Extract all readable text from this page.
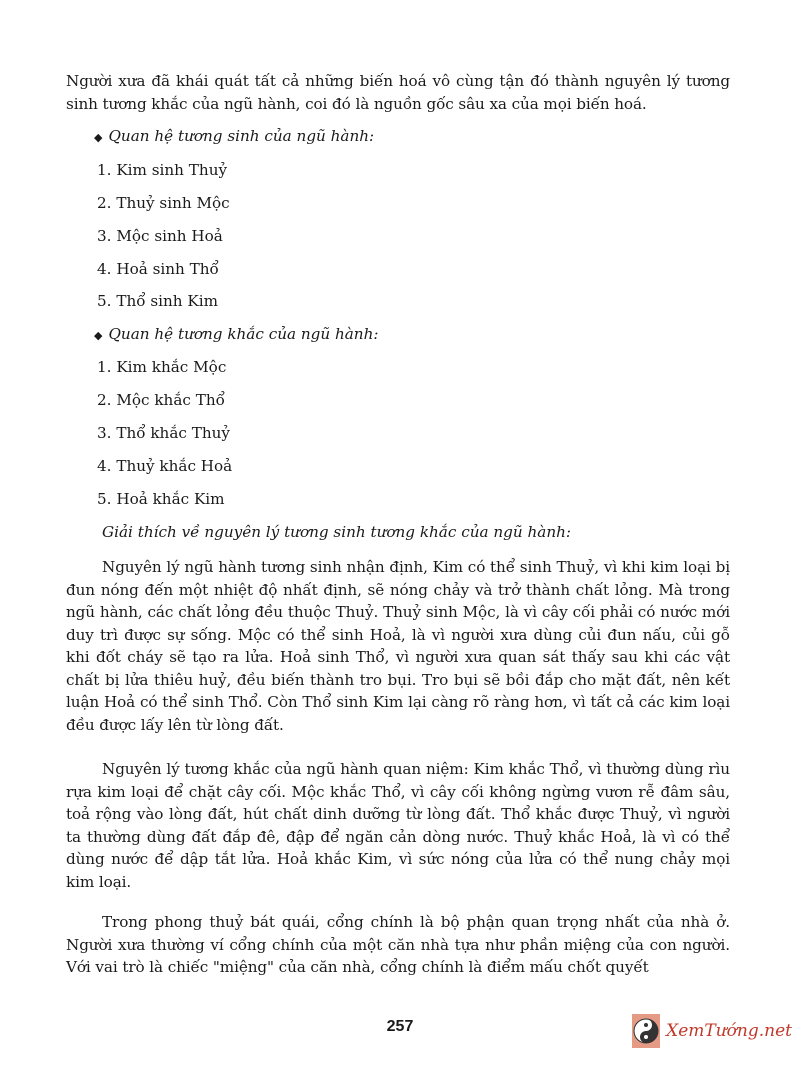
Người xưa đã khái quát tất cả những biến hoá vô cùng tận đó thành nguyên lý tương sinh tương khắc của ngũ hành, coi đó là nguồn gốc sâu xa của mọi biến hoá.

◆ Quan hệ tương sinh của ngũ hành:

1. Kim sinh Thuỷ

2. Thuỷ sinh Mộc

3. Mộc sinh Hoả

4. Hoả sinh Thổ

5. Thổ sinh Kim

◆ Quan hệ tương khắc của ngũ hành:

1. Kim khắc Mộc

2. Mộc khắc Thổ

3. Thổ khắc Thuỷ

4. Thuỷ khắc Hoả

5. Hoả khắc Kim

Giải thích về nguyên lý tương sinh tương khắc của ngũ hành:

Nguyên lý ngũ hành tương sinh nhận định, Kim có thể sinh Thuỷ, vì khi kim loại bị đun nóng đến một nhiệt độ nhất định, sẽ nóng chảy và trở thành chất lỏng. Mà trong ngũ hành, các chất lỏng đều thuộc Thuỷ. Thuỷ sinh Mộc, là vì cây cối phải có nước mới duy trì được sự sống. Mộc có thể sinh Hoả, là vì người xưa dùng củi đun nấu, củi gỗ khi đốt cháy sẽ tạo ra lửa. Hoả sinh Thổ, vì người xưa quan sát thấy sau khi các vật chất bị lửa thiêu huỷ, đều biến thành tro bụi. Tro bụi sẽ bồi đắp cho mặt đất, nên kết luận Hoả có thể sinh Thổ. Còn Thổ sinh Kim lại càng rõ ràng hơn, vì tất cả các kim loại đều được lấy lên từ lòng đất.

Nguyên lý tương khắc của ngũ hành quan niệm: Kim khắc Thổ, vì thường dùng rìu rựa kim loại để chặt cây cối. Mộc khắc Thổ, vì cây cối không ngừng vươn rễ đâm sâu, toả rộng vào lòng đất, hút chất dinh dưỡng từ lòng đất. Thổ khắc được Thuỷ, vì người ta thường dùng đất đắp đê, đập để ngăn cản dòng nước. Thuỷ khắc Hoả, là vì có thể dùng nước để dập tắt lửa. Hoả khắc Kim, vì sức nóng của lửa có thể nung chảy mọi kim loại.

Trong phong thuỷ bát quái, cổng chính là bộ phận quan trọng nhất của nhà ở. Người xưa thường ví cổng chính của một căn nhà tựa như phần miệng của con người. Với vai trò là chiếc "miệng" của căn nhà, cổng chính là điểm mấu chốt quyết

257	XemTướng.net
